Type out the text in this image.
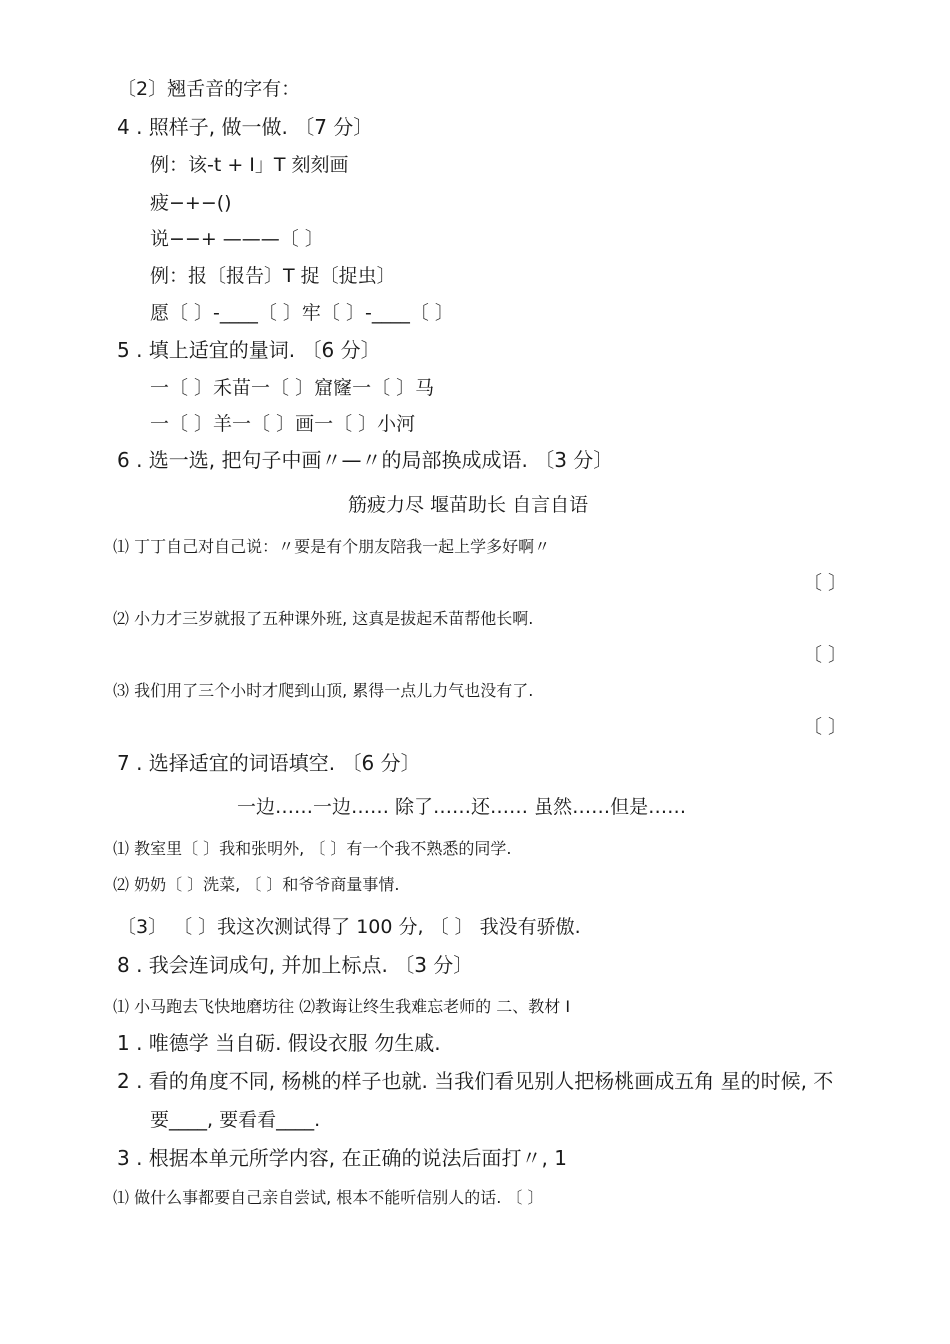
〔2〕翘舌音的字有：
4 . 照样子, 做一做. 〔7 分〕
例：该-t + I」T 刻刻画
疲−+−()
说−−+ ———〔 〕
例：报〔报告〕T 捉〔捉虫〕
愿〔 〕-____〔 〕牢〔 〕-____〔 〕
5 . 填上适宜的量词. 〔6 分〕
一〔 〕禾苗一〔 〕窟窿一〔 〕马
一〔 〕羊一〔 〕画一〔 〕小河
6 . 选一选, 把句子中画〃—〃的局部换成成语. 〔3 分〕
筋疲力尽 堰苗助长 自言自语
⑴ 丁丁自己对自己说：〃要是有个朋友陪我一起上学多好啊〃
〔 〕
⑵ 小力才三岁就报了五种课外班, 这真是拔起禾苗帮他长啊.
〔 〕
⑶ 我们用了三个小时才爬到山顶, 累得一点儿力气也没有了.
〔 〕
7 . 选择适宜的词语填空. 〔6 分〕
一边……一边…… 除了……还…… 虽然……但是……
⑴ 教室里〔 〕我和张明外, 〔 〕有一个我不熟悉的同学.
⑵ 奶奶〔 〕洗菜, 〔 〕和爷爷商量事情.
〔3〕 〔 〕我这次测试得了 100 分, 〔 〕 我没有骄傲.
8 . 我会连词成句, 并加上标点. 〔3 分〕
⑴ 小马跑去飞快地磨坊往 ⑵教诲让终生我难忘老师的 二、教材 I
1 . 唯德学 当自砺. 假设衣服 勿生戚.
2 . 看的角度不同, 杨桃的样子也就. 当我们看见别人把杨桃画成五角 星的时候, 不
要____, 要看看____.
3 . 根据本单元所学内容, 在正确的说法后面打〃, 1
⑴ 做什么事都要自己亲自尝试, 根本不能听信别人的话. 〔 〕
